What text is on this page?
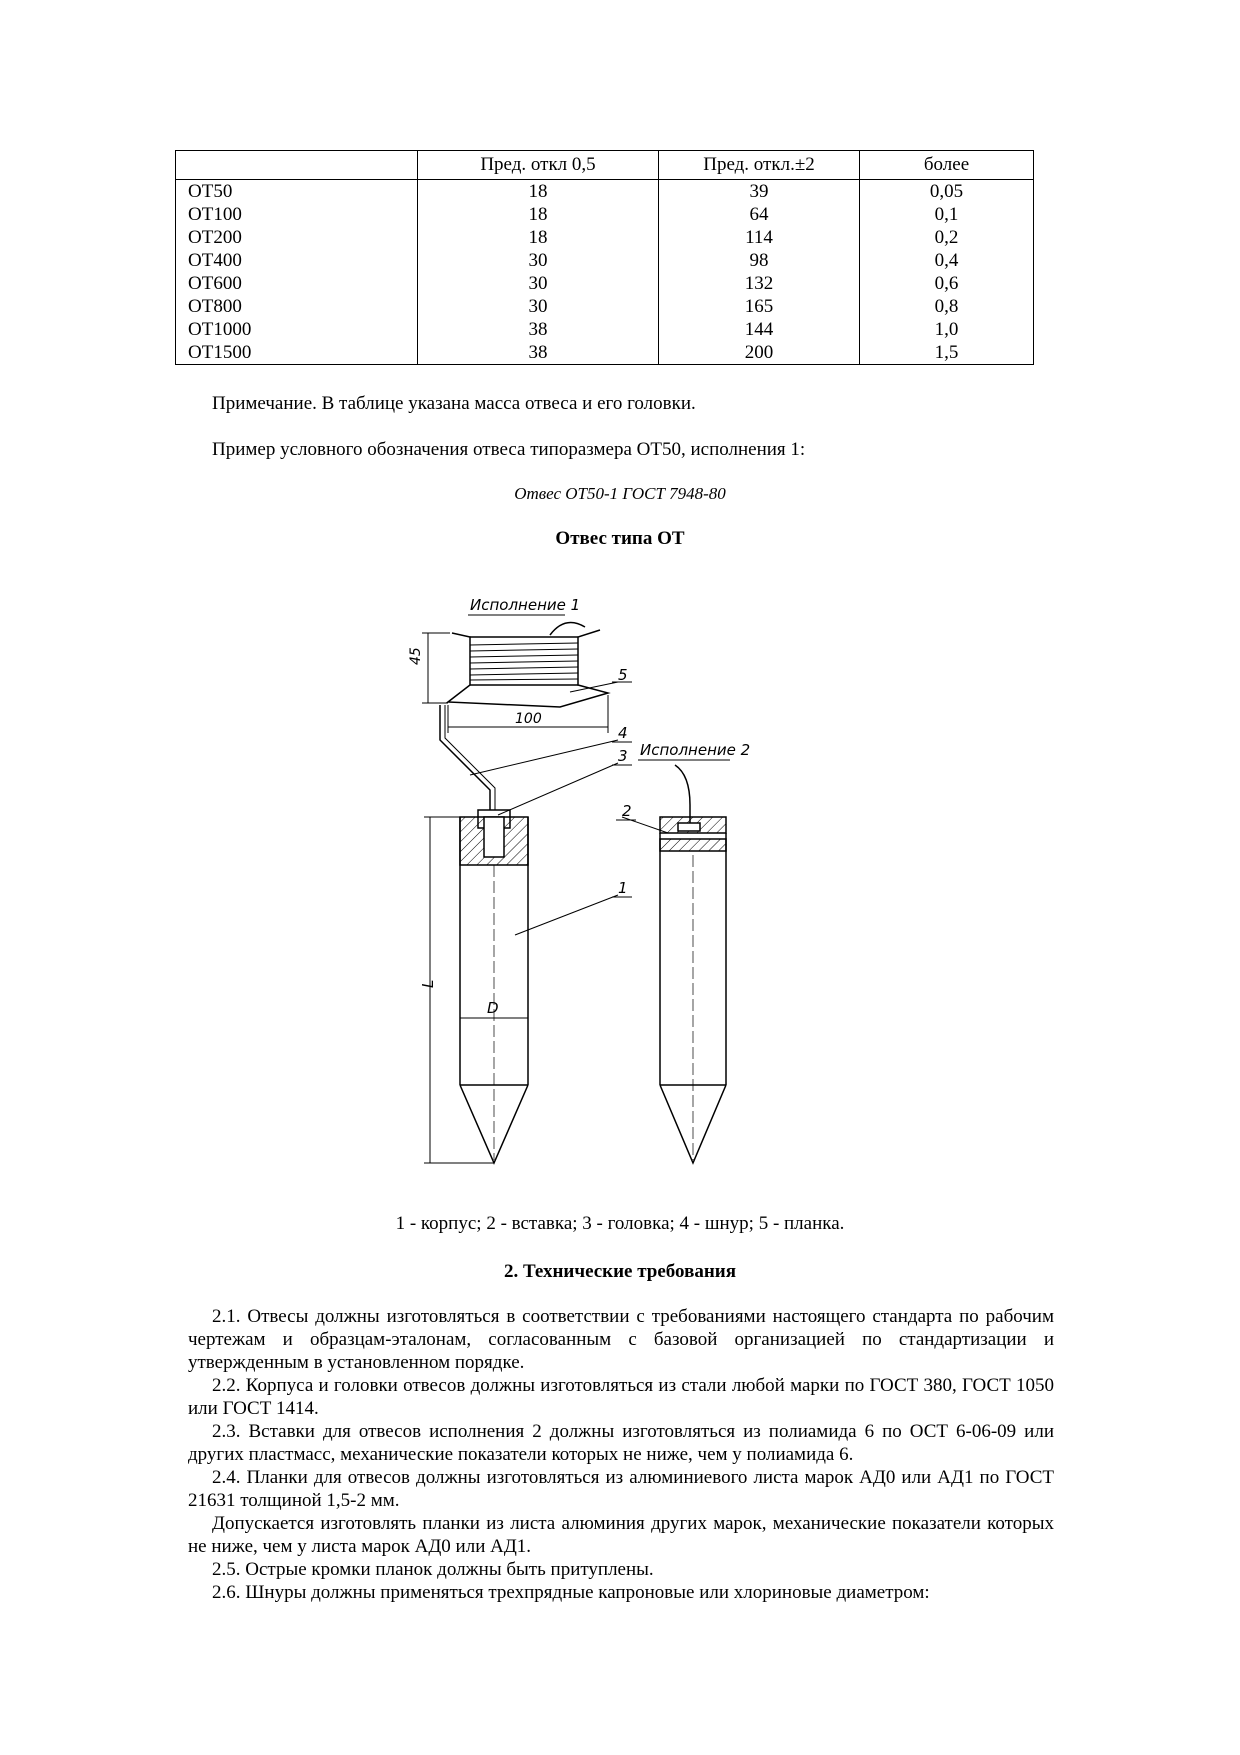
	Пред. откл 0,5	Пред. откл.±2	более
ОТ50	18	39	0,05
ОТ100	18	64	0,1
ОТ200	18	114	0,2
ОТ400	30	98	0,4
ОТ600	30	132	0,6
ОТ800	30	165	0,8
ОТ1000	38	144	1,0
ОТ1500	38	200	1,5
Примечание. В таблице указана масса отвеса и его головки.
Пример условного обозначения отвеса типоразмера ОТ50, исполнения 1:
Отвес ОТ50-1 ГОСТ 7948-80
Отвес типа ОТ
Исполнение 1
45
100
5
4
3
L
D
1
Исполнение 2
2
1
1 - корпус; 2 - вставка; 3 - головка; 4 - шнур; 5 - планка.
2. Технические требования

2.1. Отвесы должны изготовляться в соответствии с требованиями настоящего стандарта по рабочим чертежам и образцам-эталонам, согласованным с базовой организацией по стандартизации и утвержденным в установленном порядке.

2.2. Корпуса и головки отвесов должны изготовляться из стали любой марки по ГОСТ 380, ГОСТ 1050 или ГОСТ 1414.

2.3. Вставки для отвесов исполнения 2 должны изготовляться из полиамида 6 по ОСТ 6-06-09 или других пластмасс, механические показатели которых не ниже, чем у полиамида 6.

2.4. Планки для отвесов должны изготовляться из алюминиевого листа марок АД0 или АД1 по ГОСТ 21631 толщиной 1,5-2 мм.

Допускается изготовлять планки из листа алюминия других марок, механические показатели которых не ниже, чем у листа марок АД0 или АД1.

2.5. Острые кромки планок должны быть притуплены.

2.6. Шнуры должны применяться трехпрядные капроновые или хлориновые диаметром:
